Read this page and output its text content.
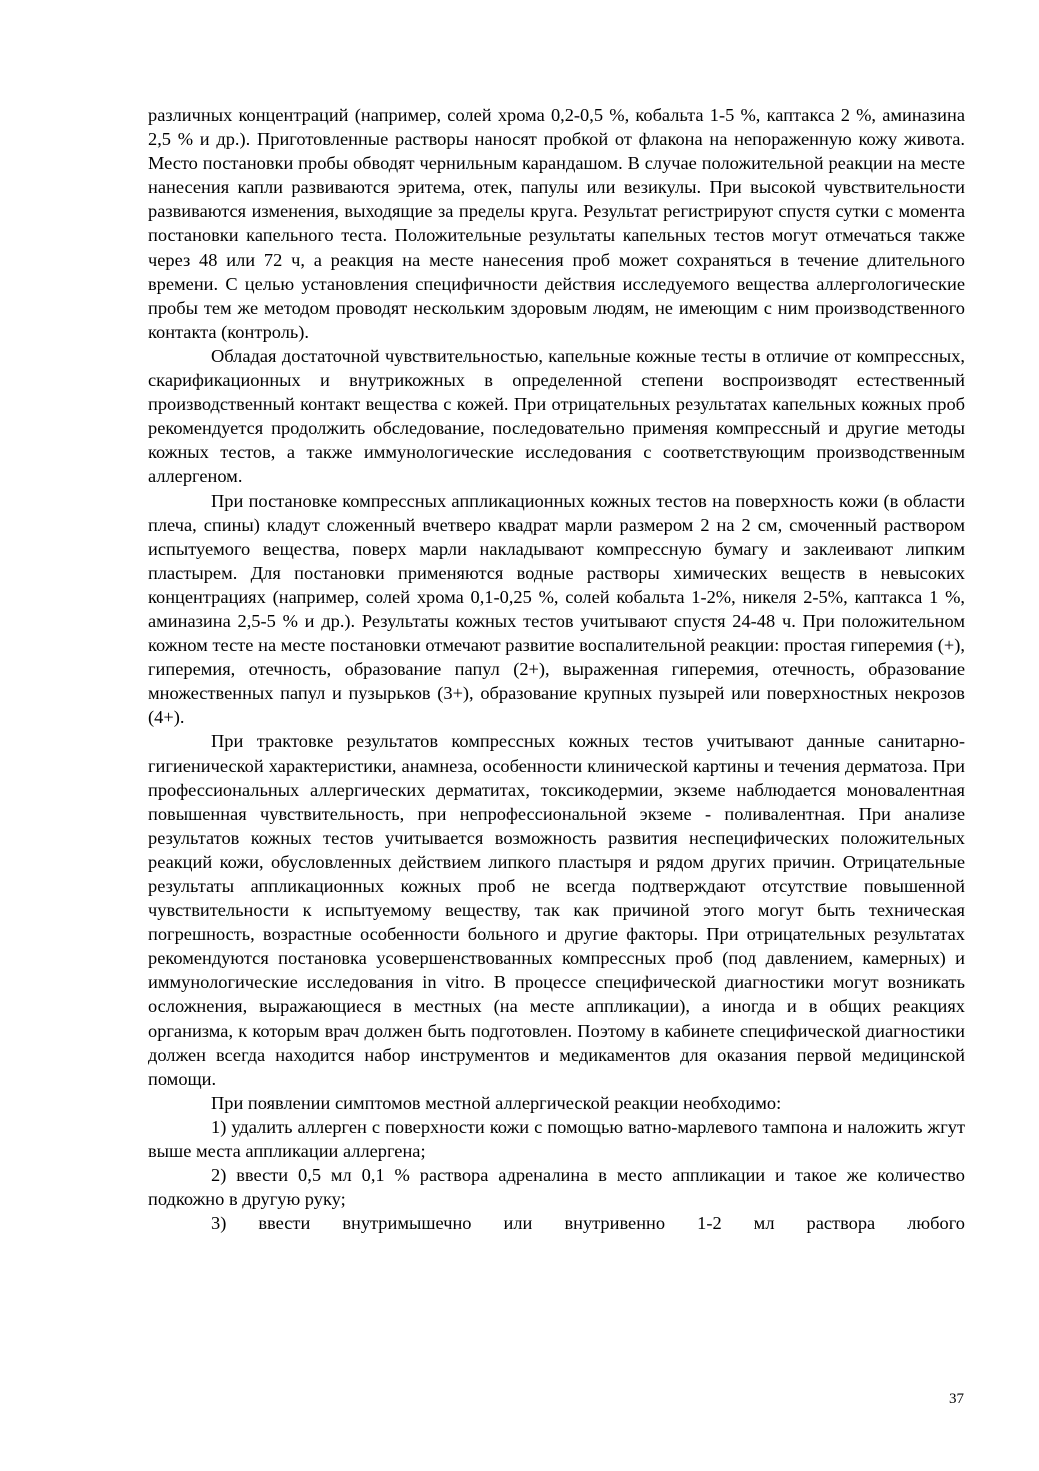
различных концентраций (например, солей хрома 0,2-0,5 %, кобальта 1-5 %, каптакса 2 %, аминазина 2,5 % и др.). Приготовленные растворы наносят пробкой от флакона на непораженную кожу живота. Место постановки пробы обводят чернильным карандашом. В случае положительной реакции на месте нанесения капли развиваются эритема, отек, папулы или везикулы. При высокой чувствительности развиваются изменения, выходящие за пределы круга. Результат регистрируют спустя сутки с момента постановки капельного теста. Положительные результаты капельных тестов могут отмечаться также через 48 или 72 ч, а реакция на месте нанесения проб может сохраняться в течение длительного времени. С целью установления специфичности действия исследуемого вещества аллергологические пробы тем же методом проводят нескольким здоровым людям, не имеющим с ним производственного контакта (контроль).

Обладая достаточной чувствительностью, капельные кожные тесты в отличие от компрессных, скарификационных и внутрикожных в определенной степени воспроизводят естественный производственный контакт вещества с кожей. При отрицательных результатах капельных кожных проб рекомендуется продолжить обследование, последовательно применяя компрессный и другие методы кожных тестов, а также иммунологические исследования с соответствующим производственным аллергеном.

При постановке компрессных аппликационных кожных тестов на поверхность кожи (в области плеча, спины) кладут сложенный вчетверо квадрат марли размером 2 на 2 см, смоченный раствором испытуемого вещества, поверх марли накладывают компрессную бумагу и заклеивают липким пластырем. Для постановки применяются водные растворы химических веществ в невысоких концентрациях (например, солей хрома 0,1-0,25 %, солей кобальта 1-2%, никеля 2-5%, каптакса 1 %, аминазина 2,5-5 % и др.). Результаты кожных тестов учитывают спустя 24-48 ч. При положительном кожном тесте на месте постановки отмечают развитие воспалительной реакции: простая гиперемия (+), гиперемия, отечность, образование папул (2+), выраженная гиперемия, отечность, образование множественных папул и пузырьков (3+), образование крупных пузырей или поверхностных некрозов (4+).

При трактовке результатов компрессных кожных тестов учитывают данные санитарно-гигиенической характеристики, анамнеза, особенности клинической картины и течения дерматоза. При профессиональных аллергических дерматитах, токсикодермии, экземе наблюдается моновалентная повышенная чувствительность, при непрофессиональной экземе - поливалентная. При анализе результатов кожных тестов учитывается возможность развития неспецифических положительных реакций кожи, обусловленных действием липкого пластыря и рядом других причин. Отрицательные результаты аппликационных кожных проб не всегда подтверждают отсутствие повышенной чувствительности к испытуемому веществу, так как причиной этого могут быть техническая погрешность, возрастные особенности больного и другие факторы. При отрицательных результатах рекомендуются постановка усовершенствованных компрессных проб (под давлением, камерных) и иммунологические исследования in vitro. В процессе специфической диагностики могут возникать осложнения, выражающиеся в местных (на месте аппликации), а иногда и в общих реакциях организма, к которым врач должен быть подготовлен. Поэтому в кабинете специфической диагностики должен всегда находится набор инструментов и медикаментов для оказания первой медицинской помощи.

При появлении симптомов местной аллергической реакции необходимо:

1) удалить аллерген с поверхности кожи с помощью ватно-марлевого тампона и наложить жгут выше места аппликации аллергена;

2) ввести 0,5 мл 0,1 % раствора адреналина в место аппликации и такое же количество подкожно в другую руку;

3) ввести внутримышечно или внутривенно 1-2 мл раствора любого

37
